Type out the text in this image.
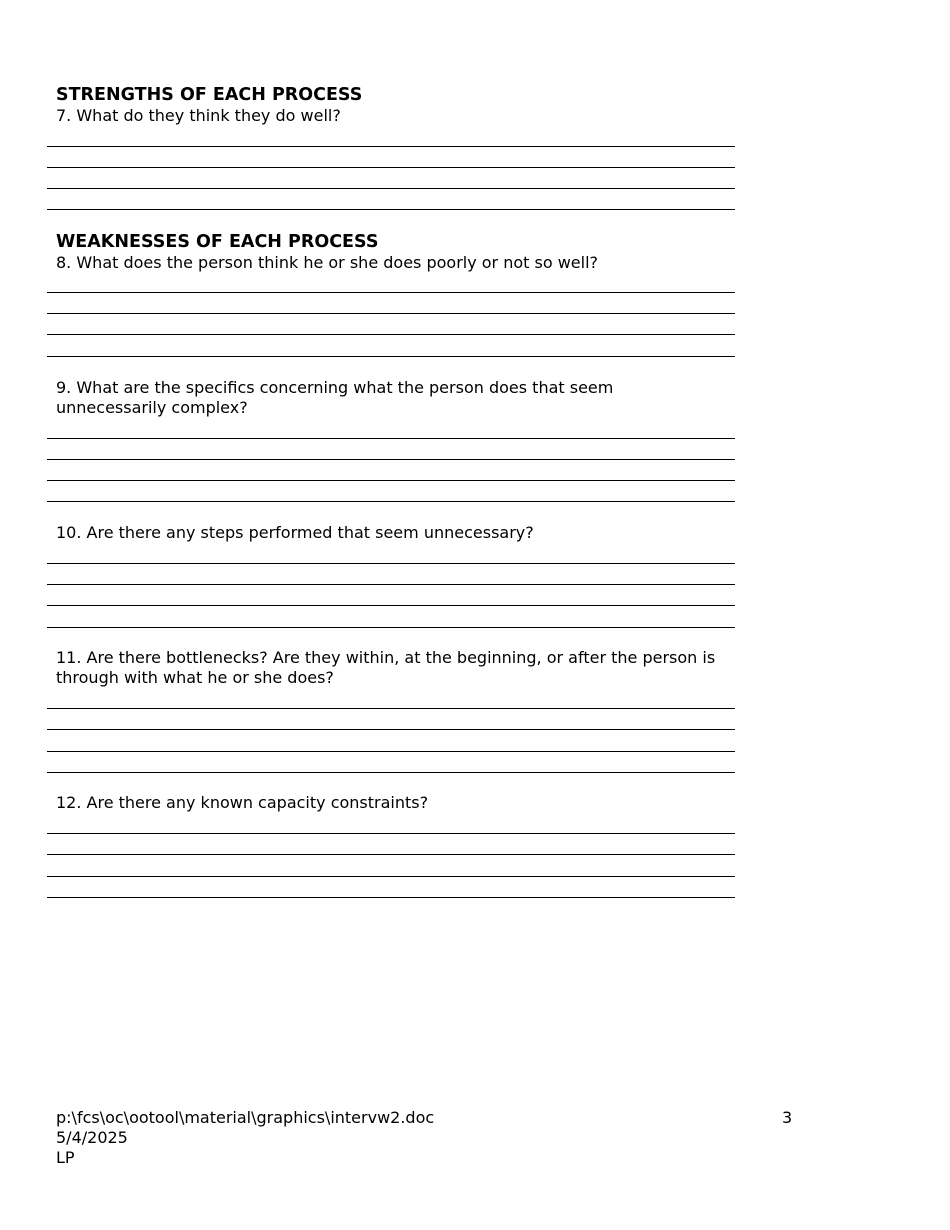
STRENGTHS OF EACH PROCESS

7. What do they think they do well?

WEAKNESSES OF EACH PROCESS

8. What does the person think he or she does poorly or not so well?

9. What are the specifics concerning what the person does that seem unnecessarily complex?

10. Are there any steps performed that seem unnecessary?

11. Are there bottlenecks? Are they within, at the beginning, or after the person is through with what he or she does?

12. Are there any known capacity constraints?

p:\fcs\oc\ootool\material\graphics\intervw2.doc
5/4/2025
LP
3
